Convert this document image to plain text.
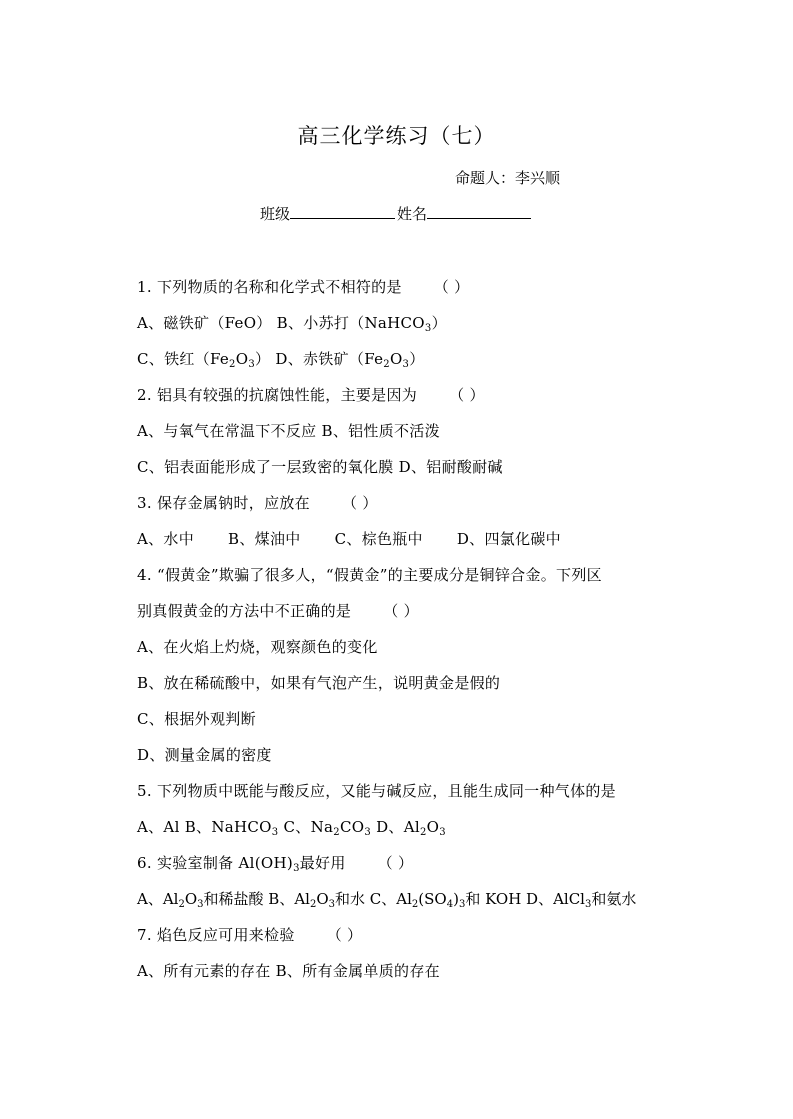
高三化学练习（七）
命题人：李兴顺
班级	姓名
1. 下列物质的名称和化学式不相符的是 （ ）
A、磁铁矿（FeO） B、小苏打（NaHCO$_3$）
C、铁红$(Fe_2O_3)$ D、赤铁矿$(Fe_2O_3)$
2. 铝具有较强的抗腐蚀性能，主要是因为 （ ）
A、与氧气在常温下不反应 B、铝性质不活泼
C、铝表面能形成了一层致密的氧化膜 D、铝耐酸耐碱
3. 保存金属钠时，应放在 （ ）
A、水中 B、煤油中 C、棕色瓶中 D、四氯化碳中
4. “假黄金”欺骗了很多人，“假黄金”的主要成分是铜锌合金。下列区
别真假黄金的方法中不正确的是 （ ）
A、在火焰上灼烧，观察颜色的变化
B、放在稀硫酸中，如果有气泡产生，说明黄金是假的
C、根据外观判断
D、测量金属的密度
5. 下列物质中既能与酸反应，又能与碱反应，且能生成同一种气体的是
A、Al B、NaHCO$_3$ C、$Na_2CO_3$ D、$Al_2O_3$
6. 实验室制备 $Al(OH)_3$最好用 （ ）
A、$Al_2O_3$和稀盐酸 B、$Al_2O_3$和水 C、$Al_2(SO_4)_3$和 KOH D、AlCl$_3$和氨水
7. 焰色反应可用来检验 （ ）
A、所有元素的存在 B、所有金属单质的存在
